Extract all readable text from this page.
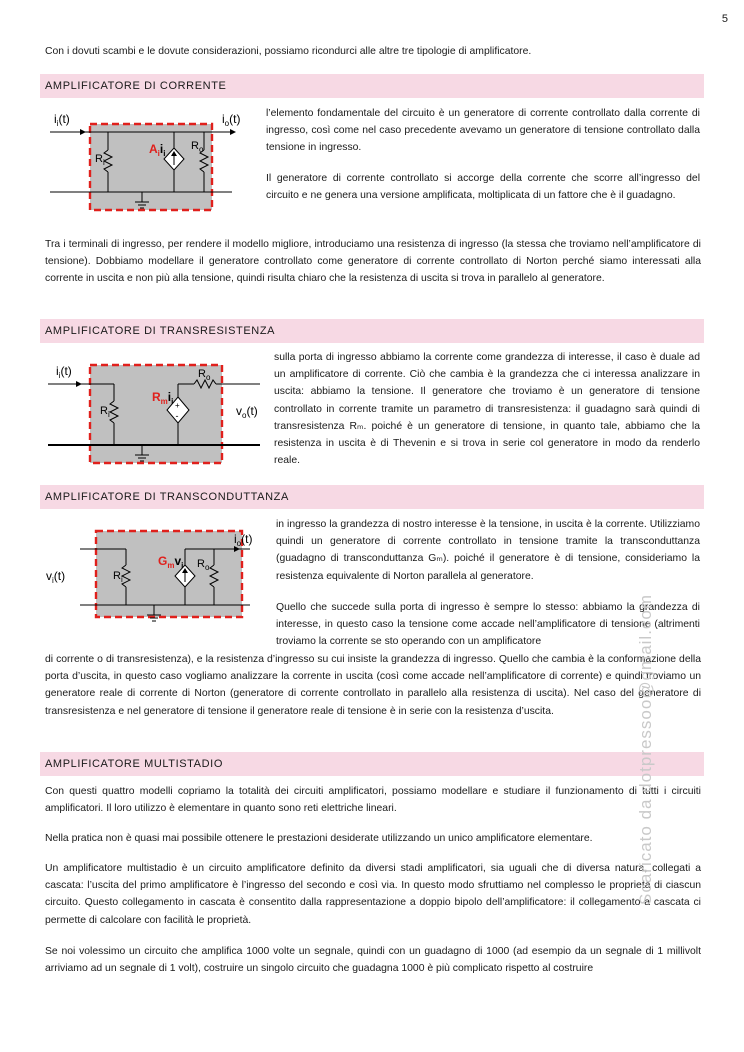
5

Con i dovuti scambi e le dovute considerazioni, possiamo ricondurci alle altre tre tipologie di amplificatore.

AMPLIFICATORE DI CORRENTE
$i_i(t)$	$i_o(t)$
$R_i$
$R_o$
$A_ii_i$

l’elemento fondamentale del circuito è un generatore di corrente controllato dalla corrente di ingresso, così come nel caso precedente avevamo un generatore di tensione controllato dalla tensione in ingresso.

Il generatore di corrente controllato si accorge della corrente che scorre all’ingresso del circuito e ne genera una versione amplificata, moltiplicata di un fattore che è il guadagno.

Tra i terminali di ingresso, per rendere il modello migliore, introduciamo una resistenza di ingresso (la stessa che troviamo nell’amplificatore di tensione). Dobbiamo modellare il generatore controllato come generatore di corrente controllato di Norton perché siamo interessati alla corrente in uscita e non più alla tensione, quindi risulta chiaro che la resistenza di uscita si trova in parallelo al generatore.

AMPLIFICATORE DI TRANSRESISTENZA
+
-
$i_i(t)$
$v_o(t)$
$R_i$
$R_o$
$R_mi_i$

sulla porta di ingresso abbiamo la corrente come grandezza di interesse, il caso è duale ad un amplificatore di corrente. Ciò che cambia è la grandezza che ci interessa analizzare in uscita: abbiamo la tensione. Il generatore che troviamo è un generatore di tensione controllato in corrente tramite un parametro di transresistenza: il guadagno sarà quindi di transresistenza Rₘ. poiché è un generatore di tensione, in quanto tale, abbiamo che la resistenza in uscita è di Thevenin e si trova in serie col generatore in modo da renderlo reale.

AMPLIFICATORE DI TRANSCONDUTTANZA
$v_i(t)$
$i_o(t)$
$R_i$
$R_o$
$G_mv_i$

in ingresso la grandezza di nostro interesse è la tensione, in uscita è la corrente. Utilizziamo quindi un generatore di corrente controllato in tensione tramite la transconduttanza (guadagno di transconduttanza Gₘ). poiché il generatore è di tensione, consideriamo la resistenza equivalente di Norton parallela al generatore.

Quello che succede sulla porta di ingresso è sempre lo stesso: abbiamo la grandezza di interesse, in questo caso la tensione come accade nell’amplificatore di tensione (altrimenti troviamo la corrente se sto operando con un amplificatore

di corrente o di transresistenza), e la resistenza d’ingresso su cui insiste la grandezza di ingresso. Quello che cambia è la conformazione della porta d’uscita, in questo caso vogliamo analizzare la corrente in uscita (così come accade nell’amplificatore di corrente) e quindi troviamo un generatore reale di corrente di Norton (generatore di corrente controllato in parallelo alla resistenza di uscita). Nel caso del generatore di transresistenza e nel generatore di tensione il generatore reale di tensione è in serie con la resistenza d’uscita.

AMPLIFICATORE MULTISTADIO

Con questi quattro modelli copriamo la totalità dei circuiti amplificatori, possiamo modellare e studiare il funzionamento di tutti i circuiti amplificatori. Il loro utilizzo è elementare in quanto sono reti elettriche lineari.

Nella pratica non è quasi mai possibile ottenere le prestazioni desiderate utilizzando un unico amplificatore elementare.

Un amplificatore multistadio è un circuito amplificatore definito da diversi stadi amplificatori, sia uguali che di diversa natura, collegati a cascata: l’uscita del primo amplificatore è l’ingresso del secondo e così via. In questo modo sfruttiamo nel complesso le proprietà di ciascun circuito. Questo collegamento in cascata è consentito dalla rappresentazione a doppio bipolo dell’amplificatore: il collegamento a cascata ci permette di calcolare con facilità le proprietà.

Se noi volessimo un circuito che amplifica 1000 volte un segnale, quindi con un guadagno di 1000 (ad esempio da un segnale di 1 millivolt arriviamo ad un segnale di 1 volt), costruire un singolo circuito che guadagna 1000 è più complicato rispetto al costruire

Scaricato da dotpressoo@gmail.com
